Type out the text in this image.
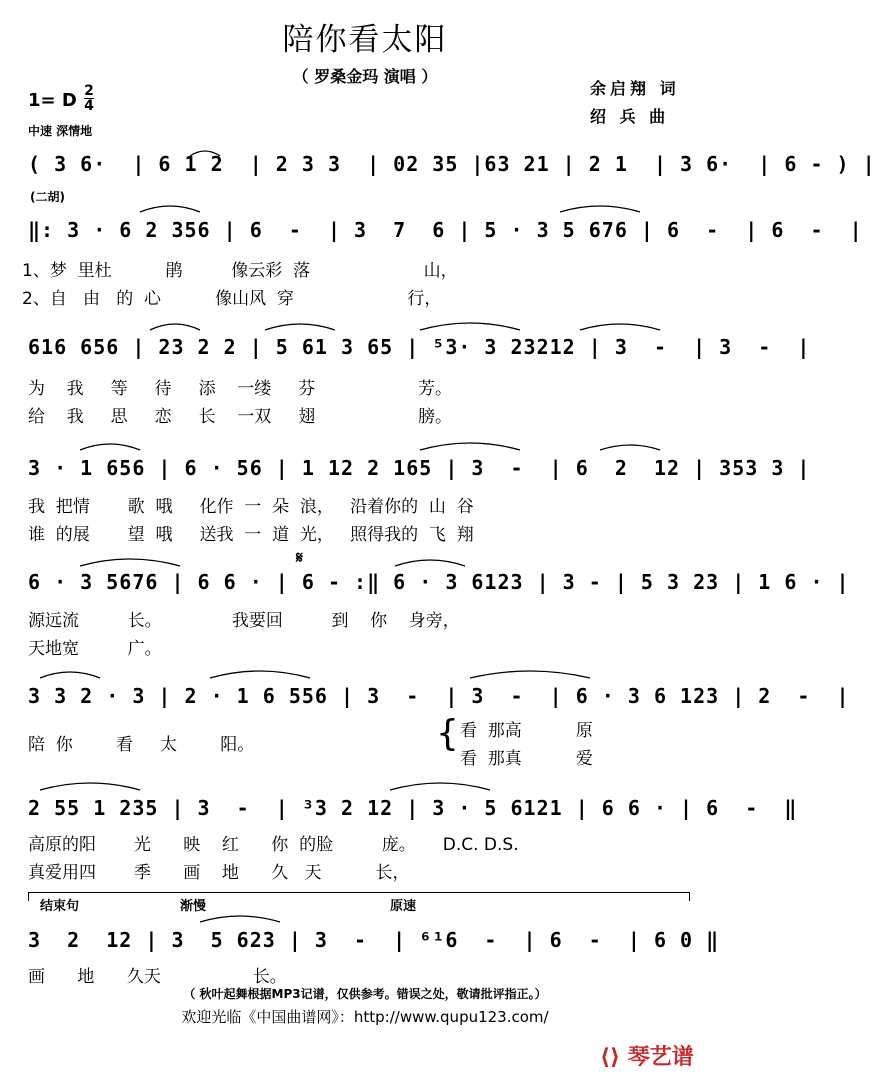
陪你看太阳
（ 罗桑金玛 演唱 ）
余启翔 词
绍 兵 曲
1= D 2
4
中速 深情地
( 3 6·  | 6 1 2  | 2 3 3  | 02 35 |63 21 | 2 1  | 3 6·  | 6 - ) |
(二胡)
‖: 3 · 6 2 356 | 6  -  | 3  7  6 | 5 · 3 5 676 | 6  -  | 6  -  |
1、梦  里杜          鹃         像云彩  落                     山，
2、自   由   的  心          像山风  穿                     行，
616 656 | 23 2 2 | 5 61 3 65 | ⁵3· 3 23212 | 3  -  | 3  -  |
为    我     等     待     添    一缕     芬                   芳。
给    我     思     恋     长    一双     翅                   膀。
3 · 1 656 | 6 · 56 | 1 12 2 165 | 3  -  | 6  2  12 | 353 3 |
我  把情       歌  哦     化作  一  朵  浪，   沿着你的  山  谷
谁  的展       望  哦     送我  一  道  光，   照得我的  飞  翔
𝄋
6 · 3 5676 | 6 6 · | 6 - :‖ 6 · 3 6123 | 3 - | 5 3 23 | 1 6 · |
源远流         长。             我要回         到    你    身旁，
天地宽         广。
3 3 2 · 3 | 2 · 1 6 556 | 3  -  | 3  -  | 6 · 3 6 123 | 2  -  |
陪  你        看     太        阳。	{ 看  那高          原
看  那真          爱
2 55 1 235 | 3  -  | ³3 2 12 | 3 · 5 6121 | 6 6 · | 6  -  ‖
高原的阳       光      映    红      你  的脸         庞。     D.C. D.S.
真爱用四       季      画    地      久   天          长，
结束句	渐慢	原速
3  2  12 | 3  5 623 | 3  -  | ⁶¹6  -  | 6  -  | 6 0 ‖
画      地      久天                 长。
（ 秋叶起舞根据MP3记谱，仅供参考。错误之处，敬请批评指正。）
欢迎光临《中国曲谱网》：http://www.qupu123.com/
⟨⟩ 琴艺谱
